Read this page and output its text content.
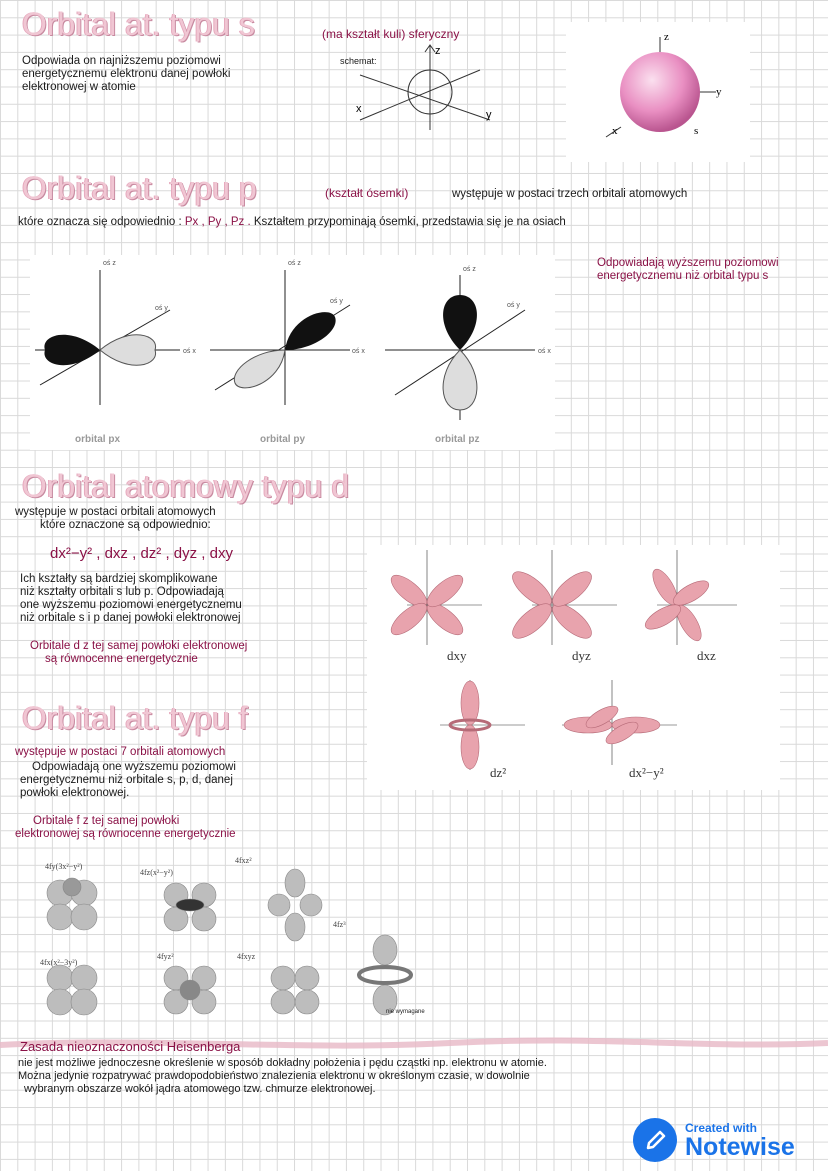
Orbital at. typu s	(ma kształt kuli) sferyczny
Odpowiada on najniższemu poziomowi
energetycznemu elektronu danej powłoki
elektronowej w atomie
schemat:
z
x	y
z
y
x	s
Orbital at. typu p	(kształt ósemki)	występuje w postaci trzech orbitali atomowych
które oznacza się odpowiednio : Px , Py , Pz . Kształtem przypominają ósemki, przedstawia się je na osiach
Odpowiadają wyższemu poziomowi
energetycznemu niż orbital typu s
oś z
oś y
oś x
orbital px
oś z
oś y
oś x
orbital py
oś z
oś y
oś x
orbital pz
Orbital atomowy typu d
występuje w postaci orbitali atomowych
które oznaczone są odpowiednio:
dx²−y² , dxz , dz² , dyz , dxy
Ich kształty są bardziej skomplikowane
niż kształty orbitali s lub p. Odpowiadają
one wyższemu poziomowi energetycznemu
niż orbitale s i p danej powłoki elektronowej
Orbitale d z tej samej powłoki elektronowej
są równocenne energetycznie	dxy	dyz	dxz
dz²	dx²−y²
Orbital at. typu f
występuje w postaci 7 orbitali atomowych
Odpowiadają one wyższemu poziomowi
energetycznemu niż orbitale s, p, d, danej
powłoki elektronowej.
Orbitale f z tej samej powłoki
elektronowej są równocenne energetycznie
4fy(3x²−y²)
4fz(x²−y²)
4fxz²
4fx(x²−3y²)
4fyz²	4fxyz
4fz³
nie wymagane
Zasada nieoznaczoności Heisenberga
nie jest możliwe jednoczesne określenie w sposób dokładny położenia i pędu cząstki np. elektronu w atomie.
Można jedynie rozpatrywać prawdopodobieństwo znalezienia elektronu w określonym czasie, w dowolnie
wybranym obszarze wokół jądra atomowego tzw. chmurze elektronowej.
Created with
Notewise
